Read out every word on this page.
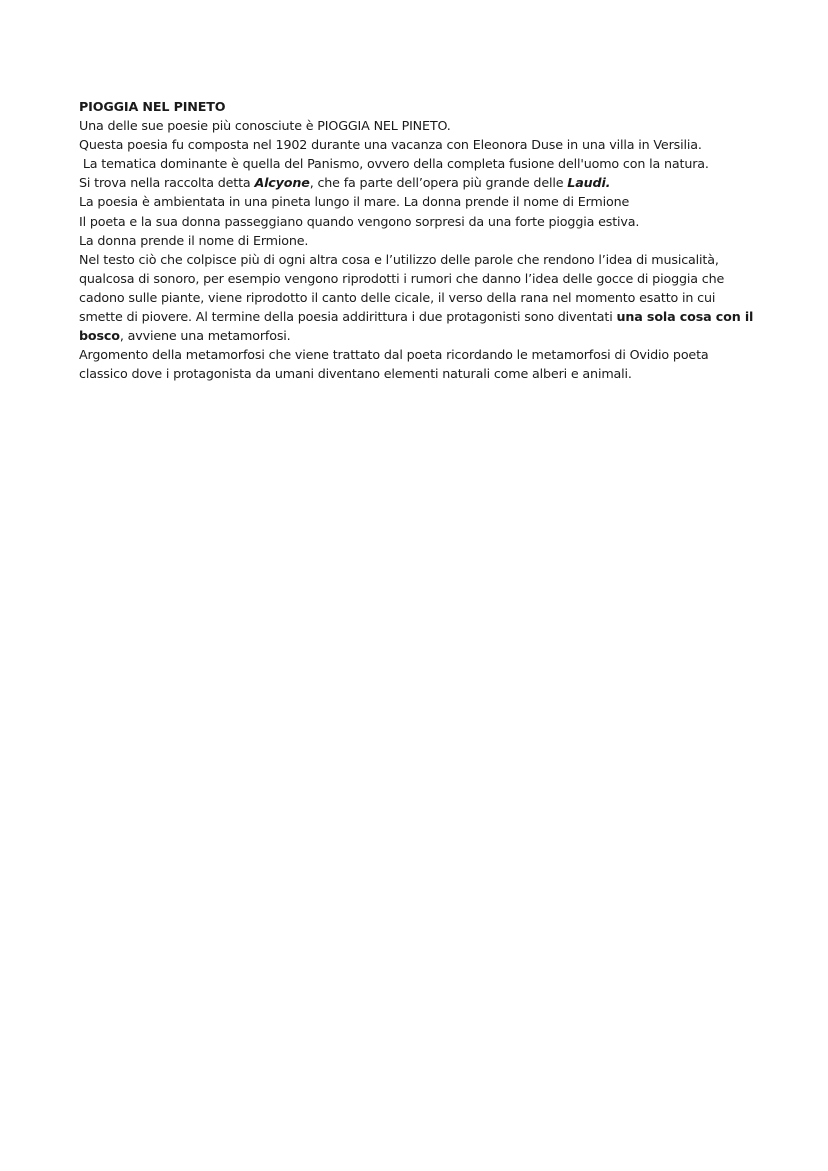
PIOGGIA NEL PINETO
Una delle sue poesie più conosciute è PIOGGIA NEL PINETO.
Questa poesia fu composta nel 1902 durante una vacanza con Eleonora Duse in una villa in Versilia.
La tematica dominante è quella del Panismo, ovvero della completa fusione dell'uomo con la natura.
Si trova nella raccolta detta Alcyone, che fa parte dell’opera più grande delle Laudi.
La poesia è ambientata in una pineta lungo il mare. La donna prende il nome di Ermione
Il poeta e la sua donna passeggiano quando vengono sorpresi da una forte pioggia estiva.
La donna prende il nome di Ermione.
Nel testo ciò che colpisce più di ogni altra cosa e l’utilizzo delle parole che rendono l’idea di musicalità,
qualcosa di sonoro, per esempio vengono riprodotti i rumori che danno l’idea delle gocce di pioggia che
cadono sulle piante, viene riprodotto il canto delle cicale, il verso della rana nel momento esatto in cui
smette di piovere. Al termine della poesia addirittura i due protagonisti sono diventati una sola cosa con il
bosco, avviene una metamorfosi.
Argomento della metamorfosi che viene trattato dal poeta ricordando le metamorfosi di Ovidio poeta
classico dove i protagonista da umani diventano elementi naturali come alberi e animali.
